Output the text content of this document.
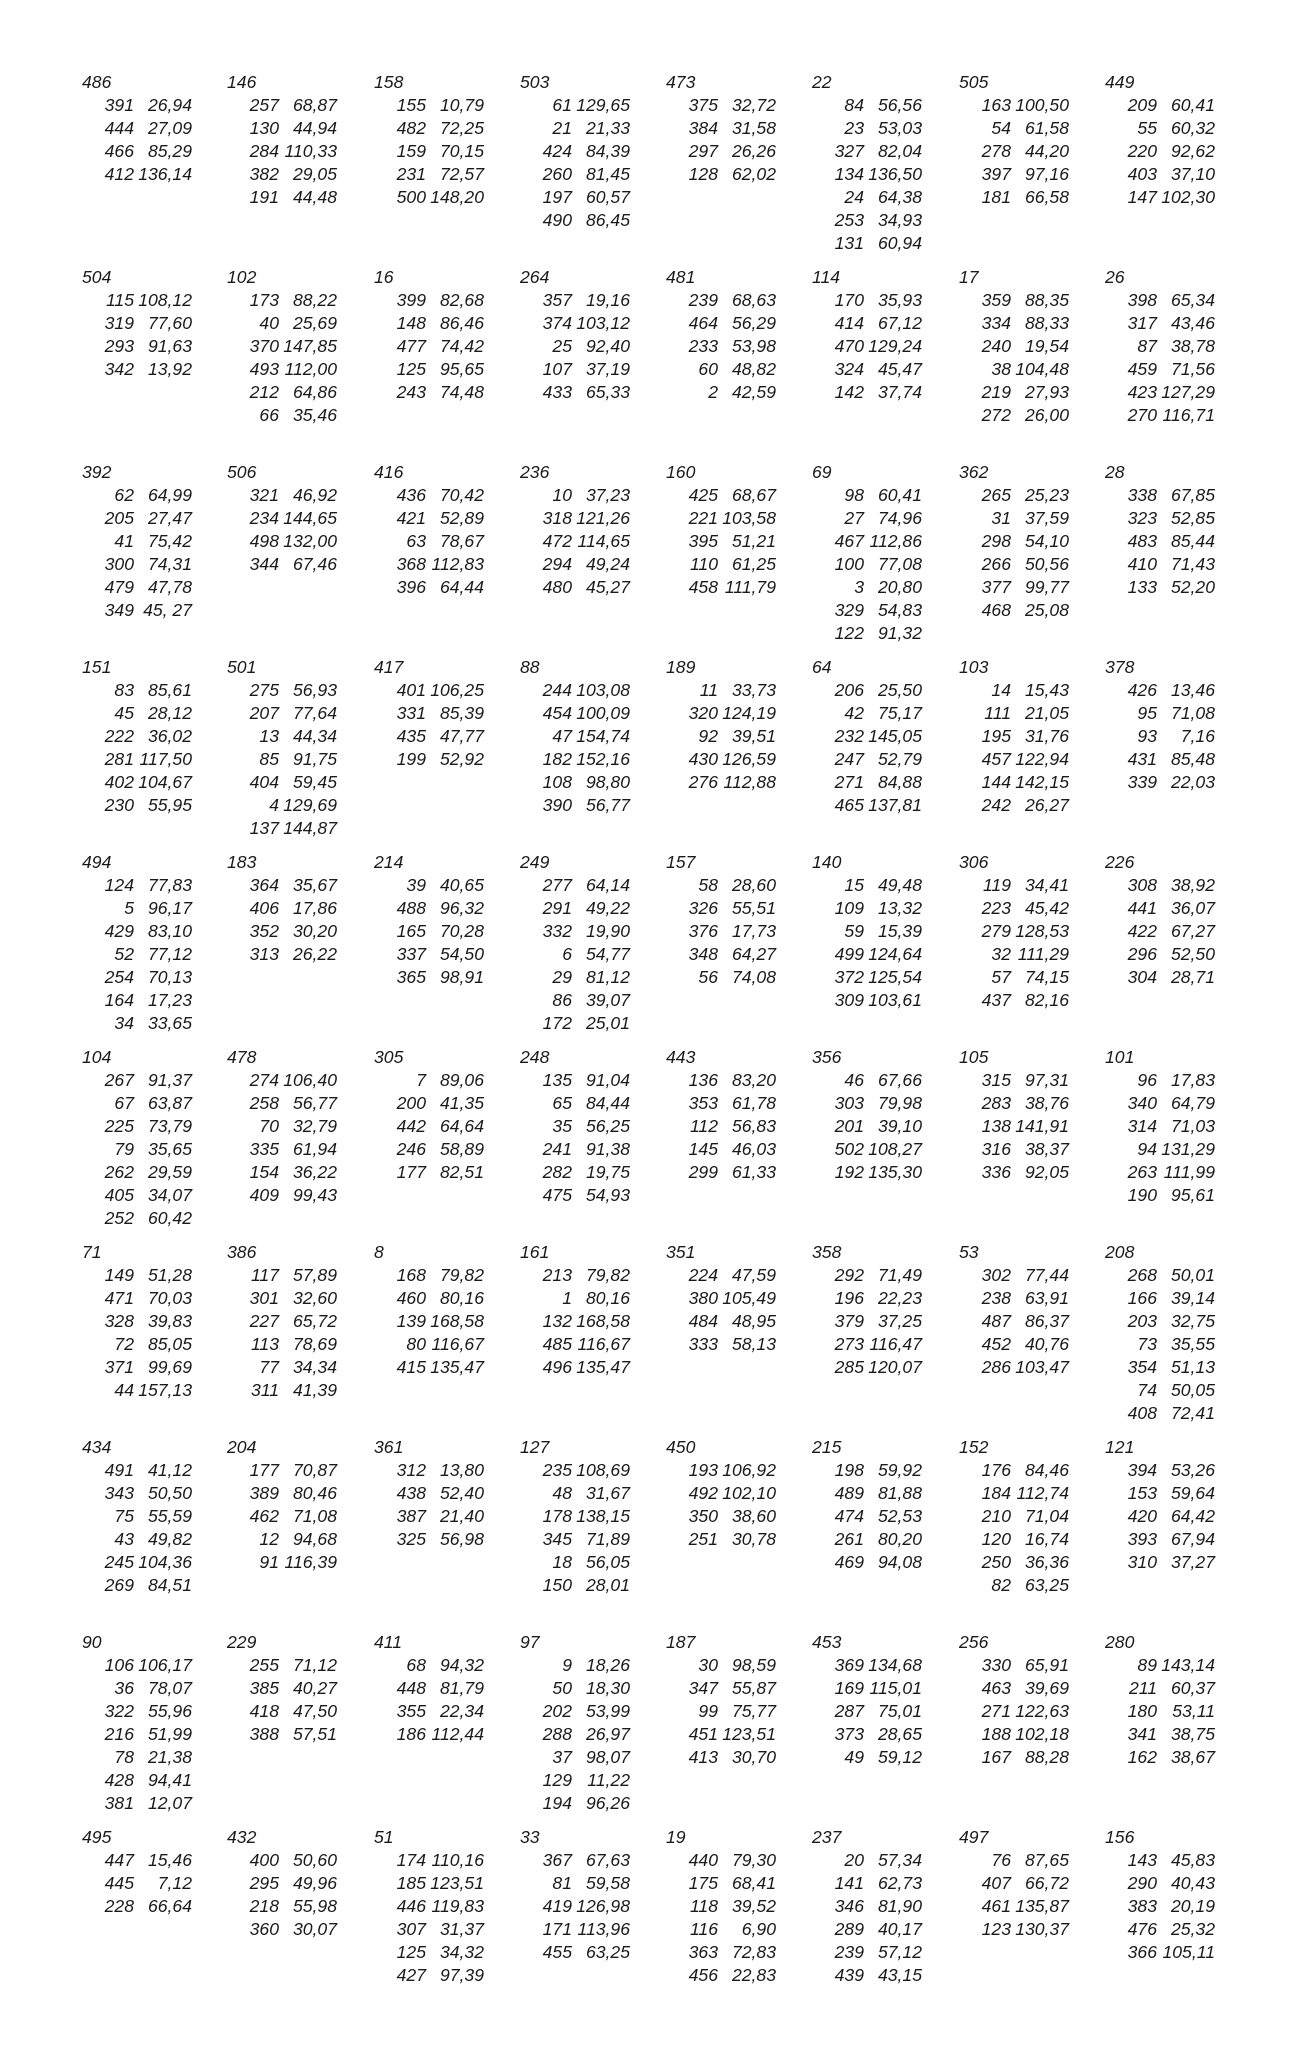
486
391 26,94
444 27,09
466 85,29
412 136,14
146
257 68,87
130 44,94
284 110,33
382 29,05
191 44,48
158
155 10,79
482 72,25
159 70,15
231 72,57
500 148,20
503
61 129,65
21 21,33
424 84,39
260 81,45
197 60,57
490 86,45
473
375 32,72
384 31,58
297 26,26
128 62,02
22
84 56,56
23 53,03
327 82,04
134 136,50
24 64,38
253 34,93
131 60,94
505
163 100,50
54 61,58
278 44,20
397 97,16
181 66,58
449
209 60,41
55 60,32
220 92,62
403 37,10
147 102,30
504
115 108,12
319 77,60
293 91,63
342 13,92
102
173 88,22
40 25,69
370 147,85
493 112,00
212 64,86
66 35,46
16
399 82,68
148 86,46
477 74,42
125 95,65
243 74,48
264
357 19,16
374 103,12
25 92,40
107 37,19
433 65,33
481
239 68,63
464 56,29
233 53,98
60 48,82
2 42,59
114
170 35,93
414 67,12
470 129,24
324 45,47
142 37,74
17
359 88,35
334 88,33
240 19,54
38 104,48
219 27,93
272 26,00
26
398 65,34
317 43,46
87 38,78
459 71,56
423 127,29
270 116,71
392
62 64,99
205 27,47
41 75,42
300 74,31
479 47,78
349 45, 27
506
321 46,92
234 144,65
498 132,00
344 67,46
416
436 70,42
421 52,89
63 78,67
368 112,83
396 64,44
236
10 37,23
318 121,26
472 114,65
294 49,24
480 45,27
160
425 68,67
221 103,58
395 51,21
110 61,25
458 111,79
69
98 60,41
27 74,96
467 112,86
100 77,08
3 20,80
329 54,83
122 91,32
362
265 25,23
31 37,59
298 54,10
266 50,56
377 99,77
468 25,08
28
338 67,85
323 52,85
483 85,44
410 71,43
133 52,20
151
83 85,61
45 28,12
222 36,02
281 117,50
402 104,67
230 55,95
501
275 56,93
207 77,64
13 44,34
85 91,75
404 59,45
4 129,69
137 144,87
417
401 106,25
331 85,39
435 47,77
199 52,92
88
244 103,08
454 100,09
47 154,74
182 152,16
108 98,80
390 56,77
189
11 33,73
320 124,19
92 39,51
430 126,59
276 112,88
64
206 25,50
42 75,17
232 145,05
247 52,79
271 84,88
465 137,81
103
14 15,43
111 21,05
195 31,76
457 122,94
144 142,15
242 26,27
378
426 13,46
95 71,08
93 7,16
431 85,48
339 22,03
494
124 77,83
5 96,17
429 83,10
52 77,12
254 70,13
164 17,23
34 33,65
183
364 35,67
406 17,86
352 30,20
313 26,22
214
39 40,65
488 96,32
165 70,28
337 54,50
365 98,91
249
277 64,14
291 49,22
332 19,90
6 54,77
29 81,12
86 39,07
172 25,01
157
58 28,60
326 55,51
376 17,73
348 64,27
56 74,08
140
15 49,48
109 13,32
59 15,39
499 124,64
372 125,54
309 103,61
306
119 34,41
223 45,42
279 128,53
32 111,29
57 74,15
437 82,16
226
308 38,92
441 36,07
422 67,27
296 52,50
304 28,71
104
267 91,37
67 63,87
225 73,79
79 35,65
262 29,59
405 34,07
252 60,42
478
274 106,40
258 56,77
70 32,79
335 61,94
154 36,22
409 99,43
305
7 89,06
200 41,35
442 64,64
246 58,89
177 82,51
248
135 91,04
65 84,44
35 56,25
241 91,38
282 19,75
475 54,93
443
136 83,20
353 61,78
112 56,83
145 46,03
299 61,33
356
46 67,66
303 79,98
201 39,10
502 108,27
192 135,30
105
315 97,31
283 38,76
138 141,91
316 38,37
336 92,05
101
96 17,83
340 64,79
314 71,03
94 131,29
263 111,99
190 95,61
71
149 51,28
471 70,03
328 39,83
72 85,05
371 99,69
44 157,13
386
117 57,89
301 32,60
227 65,72
113 78,69
77 34,34
311 41,39
8
168 79,82
460 80,16
139 168,58
80 116,67
415 135,47
161
213 79,82
1 80,16
132 168,58
485 116,67
496 135,47
351
224 47,59
380 105,49
484 48,95
333 58,13
358
292 71,49
196 22,23
379 37,25
273 116,47
285 120,07
53
302 77,44
238 63,91
487 86,37
452 40,76
286 103,47
208
268 50,01
166 39,14
203 32,75
73 35,55
354 51,13
74 50,05
408 72,41
434
491 41,12
343 50,50
75 55,59
43 49,82
245 104,36
269 84,51
204
177 70,87
389 80,46
462 71,08
12 94,68
91 116,39
361
312 13,80
438 52,40
387 21,40
325 56,98
127
235 108,69
48 31,67
178 138,15
345 71,89
18 56,05
150 28,01
450
193 106,92
492 102,10
350 38,60
251 30,78
215
198 59,92
489 81,88
474 52,53
261 80,20
469 94,08
152
176 84,46
184 112,74
210 71,04
120 16,74
250 36,36
82 63,25
121
394 53,26
153 59,64
420 64,42
393 67,94
310 37,27
90
106 106,17
36 78,07
322 55,96
216 51,99
78 21,38
428 94,41
381 12,07
229
255 71,12
385 40,27
418 47,50
388 57,51
411
68 94,32
448 81,79
355 22,34
186 112,44
97
9 18,26
50 18,30
202 53,99
288 26,97
37 98,07
129 11,22
194 96,26
187
30 98,59
347 55,87
99 75,77
451 123,51
413 30,70
453
369 134,68
169 115,01
287 75,01
373 28,65
49 59,12
256
330 65,91
463 39,69
271 122,63
188 102,18
167 88,28
280
89 143,14
211 60,37
180 53,11
341 38,75
162 38,67
495
447 15,46
445 7,12
228 66,64
432
400 50,60
295 49,96
218 55,98
360 30,07
51
174 110,16
185 123,51
446 119,83
307 31,37
125 34,32
427 97,39
33
367 67,63
81 59,58
419 126,98
171 113,96
455 63,25
19
440 79,30
175 68,41
118 39,52
116 6,90
363 72,83
456 22,83
237
20 57,34
141 62,73
346 81,90
289 40,17
239 57,12
439 43,15
497
76 87,65
407 66,72
461 135,87
123 130,37
156
143 45,83
290 40,43
383 20,19
476 25,32
366 105,11
